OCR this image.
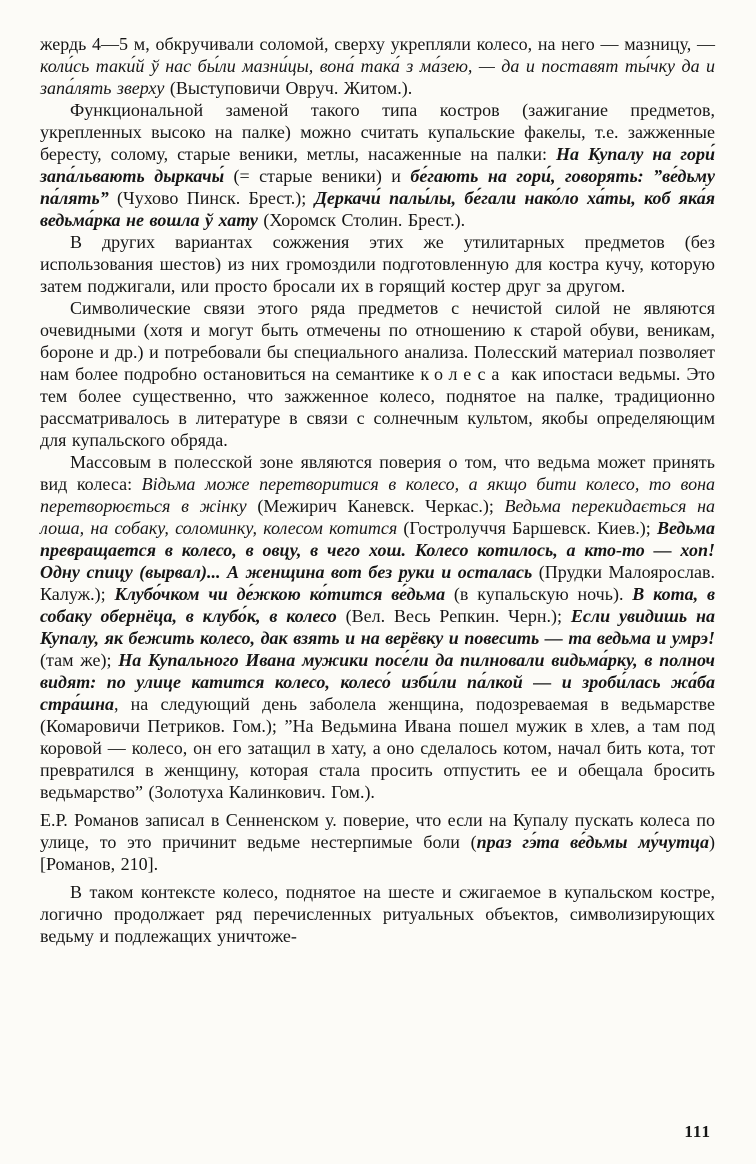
жердь 4—5 м, обкручивали соломой, сверху укрепляли колесо, на него — мазницу, — коли́сь таки́й ў нас бы́ли мазни́цы, вона́ така́ з ма́зею, — да и поставят ты́чку да и запа́лять зверху (Выступовичи Овруч. Житом.).

Функциональной заменой такого типа костров (зажигание предметов, укрепленных высоко на палке) можно считать купальские факелы, т.е. зажженные бересту, солому, старые веники, метлы, насаженные на палки: На Купалу на гори́ запа́львають дыркачы́ (= старые веники) и бе́гають на гори́, говорять: ”ве́дьму па́лять” (Чухово Пинск. Брест.); Деркачи́ палы́лы, бе́гали нако́ло ха́ты, коб яка́я ведьма́рка не вошла ў хату (Хоромск Столин. Брест.).

В других вариантах сожжения этих же утилитарных предметов (без использования шестов) из них громоздили подготовленную для костра кучу, которую затем поджигали, или просто бросали их в горящий костер друг за другом.

Символические связи этого ряда предметов с нечистой силой не являются очевидными (хотя и могут быть отмечены по отношению к старой обуви, веникам, бороне и др.) и потребовали бы специального анализа. Полесский материал позволяет нам более подробно остановиться на семантике колеса как ипостаси ведьмы. Это тем более существенно, что зажженное колесо, поднятое на палке, традиционно рассматривалось в литературе в связи с солнечным культом, якобы определяющим для купальского обряда.

Массовым в полесской зоне являются поверия о том, что ведьма может принять вид колеса: Вiдьма може перетворитися в колесо, а якщо бити колесо, то вона перетворюється в жiнку (Межирич Каневск. Черкас.); Ведьма перекидається на лоша, на собаку, соломинку, колесом котится (Гостролуччя Баршевск. Киев.); Ведьма превращается в колесо, в овцу, в чего хош. Колесо котилось, а кто-то — хоп! Одну спицу (вырвал)... А женщина вот без руки и осталась (Прудки Малоярослав. Калуж.); Клубо́чком чи де́жкою ко́тится ве́дьма (в купальскую ночь). В кота, в собаку обернёца, в клубо́к, в колесо (Вел. Весь Репкин. Черн.); Если увидишь на Купалу, як бежить колесо, дак взять и на верёвку и повесить — та ведьма и умрэ! (там же); На Купального Ивана мужики посе́ли да пилновали видьма́рку, в полноч видят: по улице катится колесо, колесо́ изби́ли па́лкой — и зроби́лась жа́ба стра́шна, на следующий день заболела женщина, подозреваемая в ведьмарстве (Комаровичи Петриков. Гом.); ”На Ведьмина Ивана пошел мужик в хлев, а там под коровой — колесо, он его затащил в хату, а оно сделалось котом, начал бить кота, тот превратился в женщину, которая стала просить отпустить ее и обещала бросить ведьмарство” (Золотуха Калинкович. Гом.).

Е.Р. Романов записал в Сенненском у. поверие, что если на Купалу пускать колеса по улице, то это причинит ведьме нестерпимые боли (праз гэ́та ве́дьмы му́чутца) [Романов, 210].

В таком контексте колесо, поднятое на шесте и сжигаемое в купальском костре, логично продолжает ряд перечисленных ритуальных объектов, символизирующих ведьму и подлежащих уничтоже-

111
